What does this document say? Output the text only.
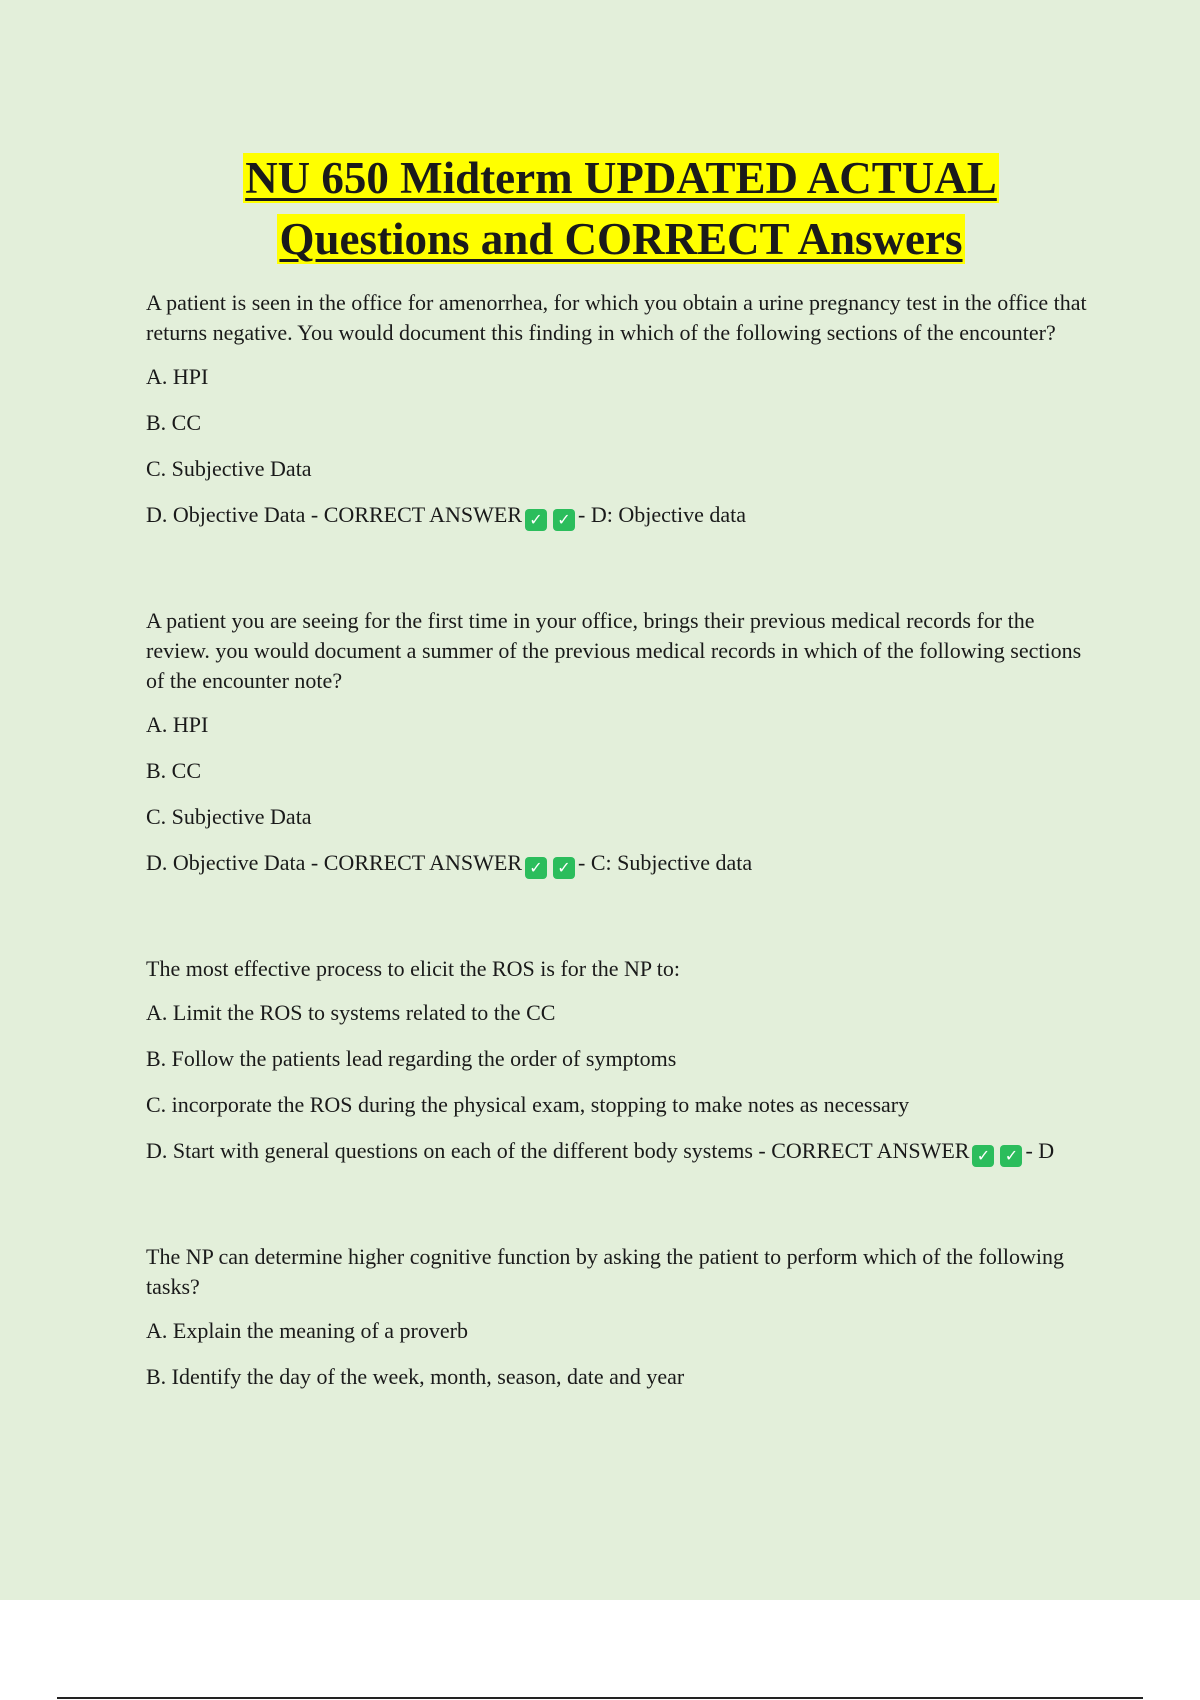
NU 650 Midterm UPDATED ACTUAL
Questions and CORRECT Answers

A patient is seen in the office for amenorrhea, for which you obtain a urine pregnancy test in the office that returns negative. You would document this finding in which of the following sections of the encounter?

A. HPI

B. CC

C. Subjective Data

D. Objective Data - CORRECT ANSWER ✓ ✓ - D: Objective data

A patient you are seeing for the first time in your office, brings their previous medical records for the review. you would document a summer of the previous medical records in which of the following sections of the encounter note?

A. HPI

B. CC

C. Subjective Data

D. Objective Data - CORRECT ANSWER ✓ ✓ - C: Subjective data

The most effective process to elicit the ROS is for the NP to:

A. Limit the ROS to systems related to the CC

B. Follow the patients lead regarding the order of symptoms

C. incorporate the ROS during the physical exam, stopping to make notes as necessary

D. Start with general questions on each of the different body systems - CORRECT ANSWER ✓ ✓ - D

The NP can determine higher cognitive function by asking the patient to perform which of the following tasks?

A. Explain the meaning of a proverb

B. Identify the day of the week, month, season, date and year
